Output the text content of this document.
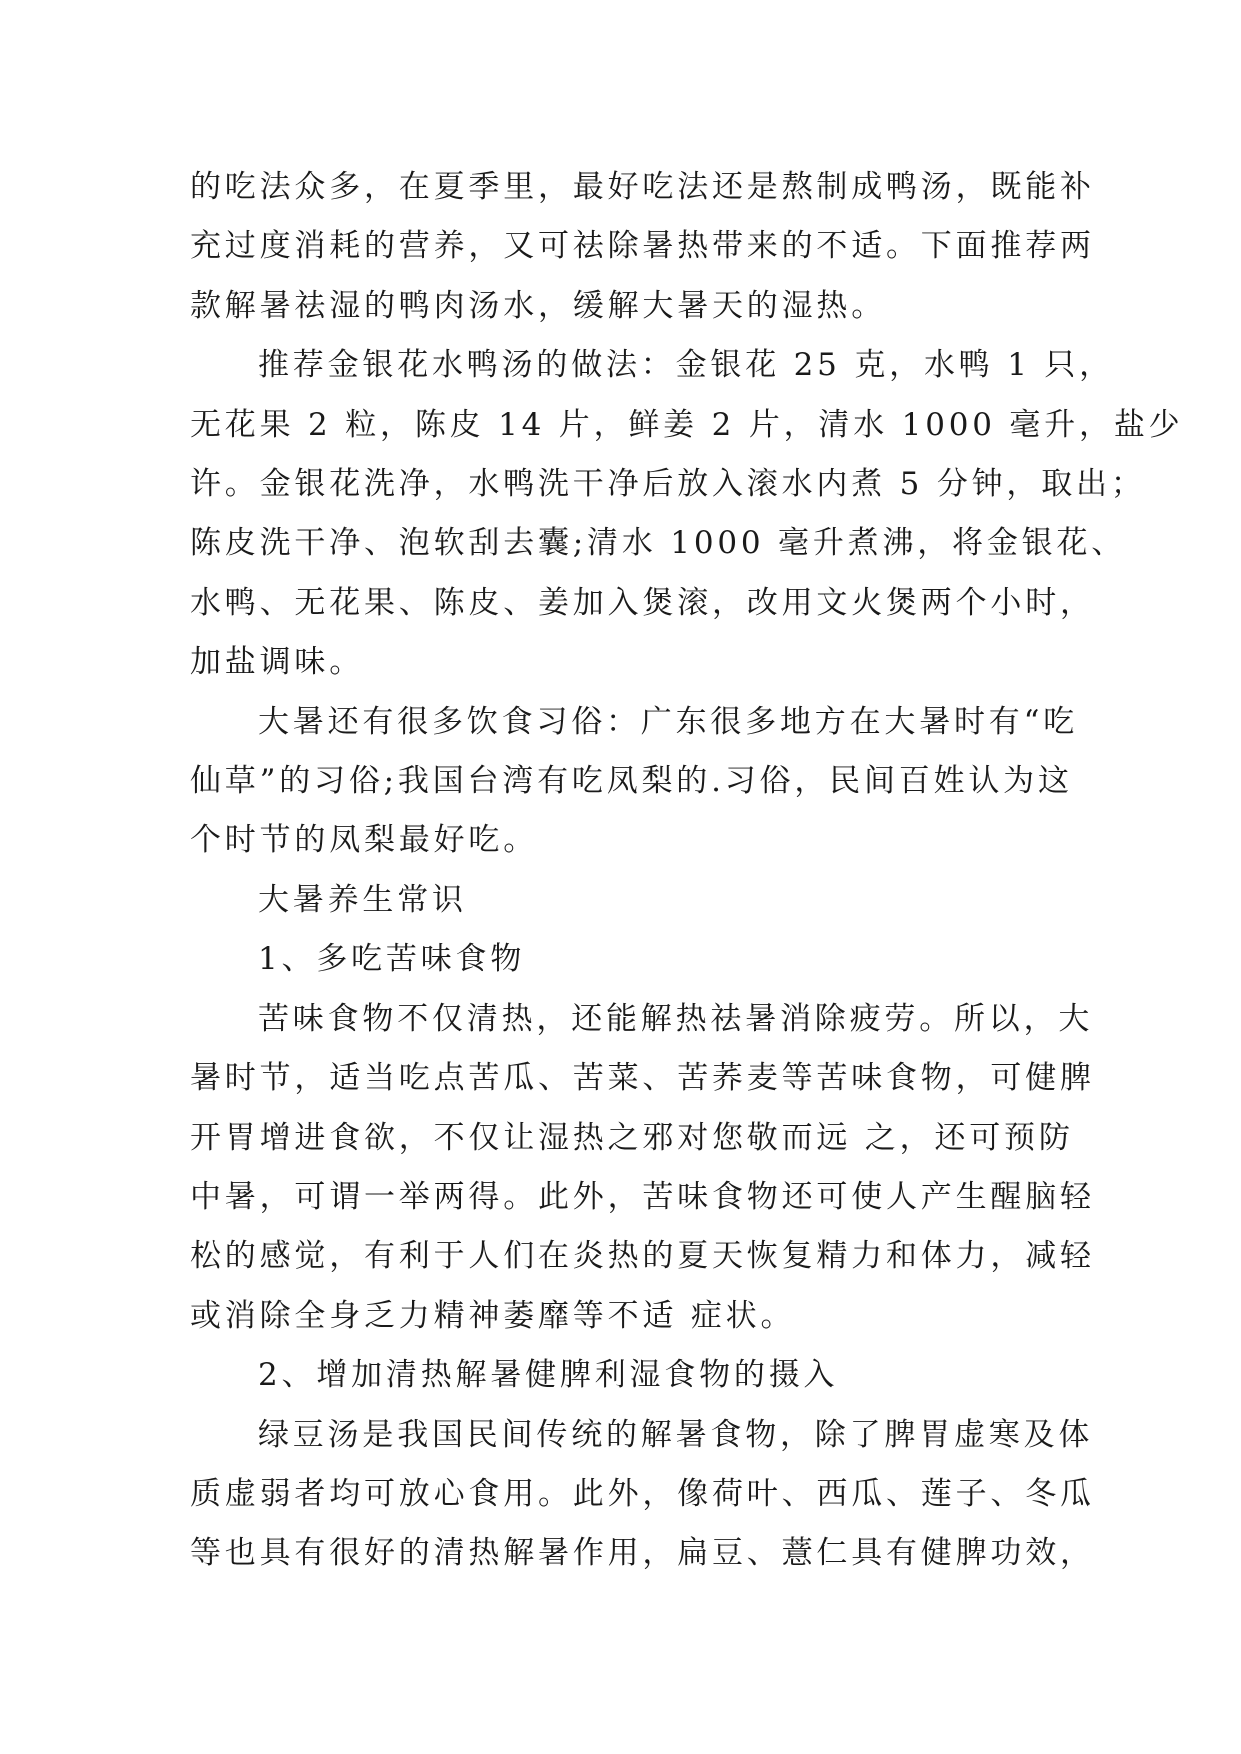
的吃法众多，在夏季里，最好吃法还是熬制成鸭汤，既能补

充过度消耗的营养，又可祛除暑热带来的不适。下面推荐两

款解暑祛湿的鸭肉汤水，缓解大暑天的湿热。

推荐金银花水鸭汤的做法：金银花 25 克，水鸭 1 只，

无花果 2 粒，陈皮 14 片，鲜姜 2 片，清水 1000 毫升，盐少

许。金银花洗净，水鸭洗干净后放入滚水内煮 5 分钟，取出；

陈皮洗干净、泡软刮去囊;清水 1000 毫升煮沸，将金银花、

水鸭、无花果、陈皮、姜加入煲滚，改用文火煲两个小时，

加盐调味。

大暑还有很多饮食习俗：广东很多地方在大暑时有“吃

仙草”的习俗;我国台湾有吃凤梨的.习俗，民间百姓认为这

个时节的凤梨最好吃。

大暑养生常识

1、多吃苦味食物

苦味食物不仅清热，还能解热祛暑消除疲劳。所以，大

暑时节，适当吃点苦瓜、苦菜、苦荞麦等苦味食物，可健脾

开胃增进食欲，不仅让湿热之邪对您敬而远 之，还可预防

中暑，可谓一举两得。此外，苦味食物还可使人产生醒脑轻

松的感觉，有利于人们在炎热的夏天恢复精力和体力，减轻

或消除全身乏力精神萎靡等不适 症状。

2、增加清热解暑健脾利湿食物的摄入

绿豆汤是我国民间传统的解暑食物，除了脾胃虚寒及体

质虚弱者均可放心食用。此外，像荷叶、西瓜、莲子、冬瓜

等也具有很好的清热解暑作用，扁豆、薏仁具有健脾功效，
